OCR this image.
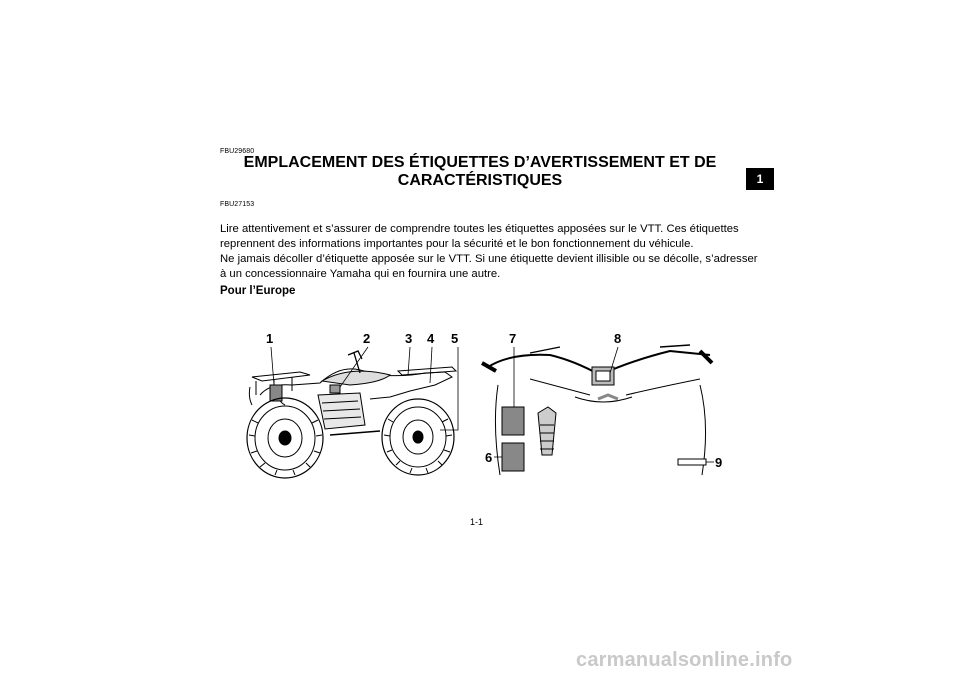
1
FBU29680
EMPLACEMENT DES ÉTIQUETTES D’AVERTISSEMENT ET DE
CARACTÉRISTIQUES
FBU27153

Lire attentivement et s’assurer de comprendre toutes les étiquettes apposées sur le VTT. Ces étiquettes

reprennent des informations importantes pour la sécurité et le bon fonctionnement du véhicule.

Ne jamais décoller d’étiquette apposée sur le VTT. Si une étiquette devient illisible ou se décolle, s’adresser

à un concessionnaire Yamaha qui en fournira une autre.

Pour l’Europe

1	2	3 4 5
6
7	8
9
1-1
carmanualsonline.info
